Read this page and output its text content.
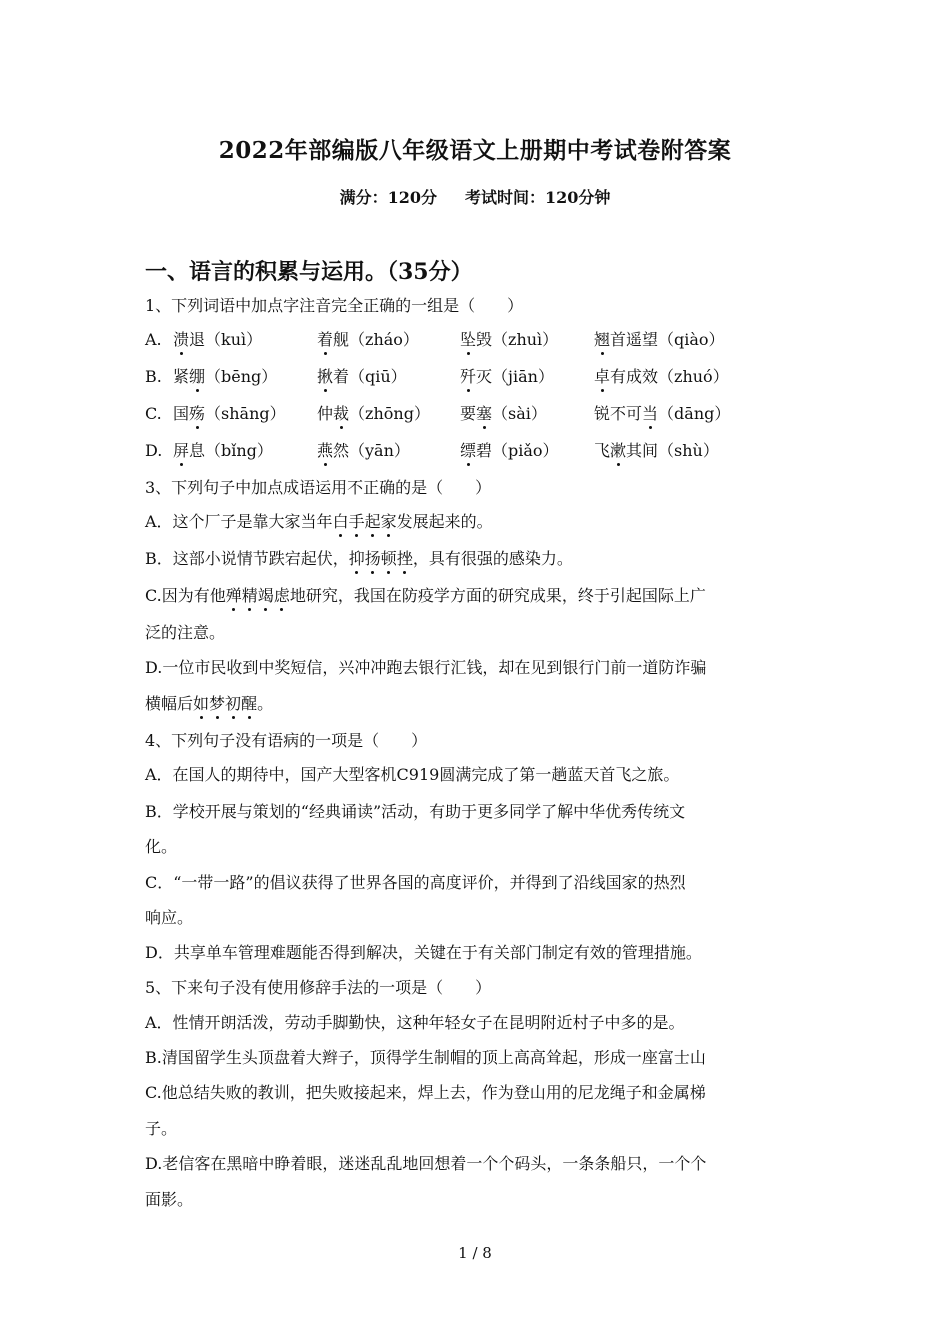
2022年部编版八年级语文上册期中考试卷附答案
满分：120分 考试时间：120分钟
一、语言的积累与运用。（35分）
1、下列词语中加点字注音完全正确的一组是（　　）
A. 溃退（kuì）	着舰（zháo）	坠毁（zhuì） 翘首遥望（qiào）
B. 紧绷（bēng） 揪着（qiū）	歼灭（jiān）	卓有成效（zhuó）
C. 国殇（shāng） 仲裁（zhōng） 要塞（sài）	锐不可当（dāng）
D. 屏息（bǐng）	燕然（yān）	缥碧（piǎo） 飞漱其间（shù）
3、下列句子中加点成语运用不正确的是（　　）
A．这个厂子是靠大家当年白手起家发展起来的。
B．这部小说情节跌宕起伏，抑扬顿挫，具有很强的感染力。
C.因为有他殚精竭虑地研究，我国在防疫学方面的研究成果，终于引起国际上广
泛的注意。
D.一位市民收到中奖短信，兴冲冲跑去银行汇钱，却在见到银行门前一道防诈骗
横幅后如梦初醒。
4、下列句子没有语病的一项是（　　）
A．在国人的期待中，国产大型客机C919圆满完成了第一趟蓝天首飞之旅。
B．学校开展与策划的“经典诵读”活动，有助于更多同学了解中华优秀传统文
化。
C．“一带一路”的倡议获得了世界各国的高度评价，并得到了沿线国家的热烈
响应。
D．共享单车管理难题能否得到解决，关键在于有关部门制定有效的管理措施。
5、下来句子没有使用修辞手法的一项是（　　）
A．性情开朗活泼，劳动手脚勤快，这种年轻女子在昆明附近村子中多的是。
B.清国留学生头顶盘着大辫子，顶得学生制帽的顶上高高耸起，形成一座富士山
C.他总结失败的教训，把失败接起来，焊上去，作为登山用的尼龙绳子和金属梯
子。
D.老信客在黑暗中睁着眼，迷迷乱乱地回想着一个个码头，一条条船只，一个个
面影。
1 / 8
